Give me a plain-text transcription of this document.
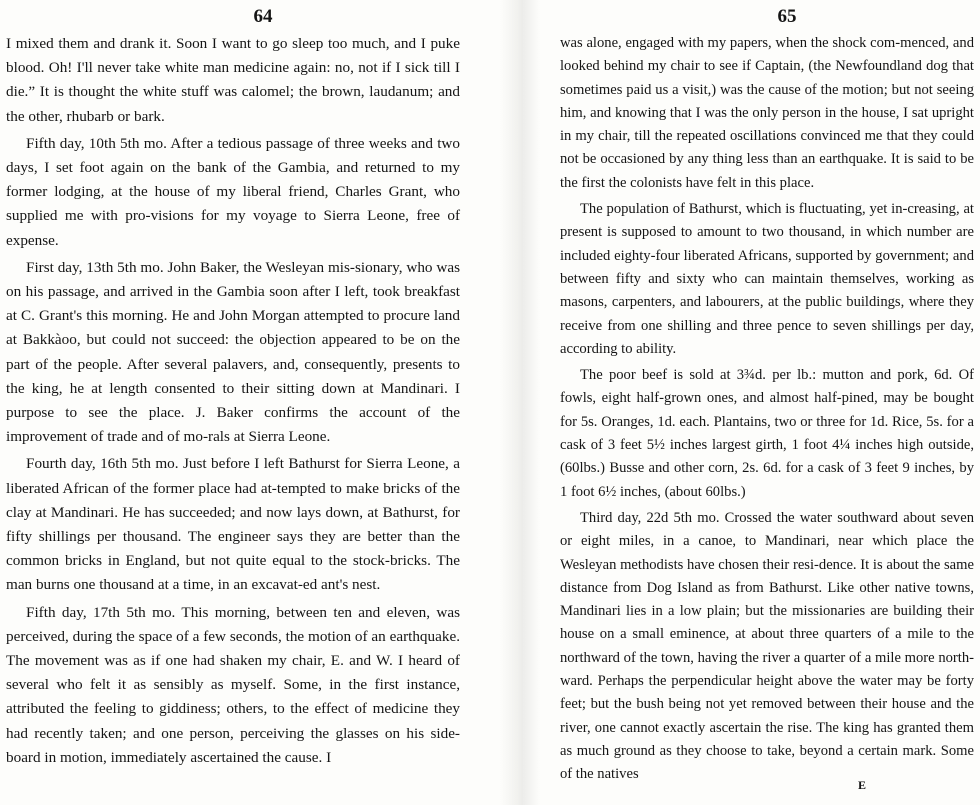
64

I mixed them and drank it. Soon I want to go sleep too much, and I puke blood. Oh! I'll never take white man medicine again: no, not if I sick till I die.” It is thought the white stuff was calomel; the brown, laudanum; and the other, rhubarb or bark.

Fifth day, 10th 5th mo. After a tedious passage of three weeks and two days, I set foot again on the bank of the Gambia, and returned to my former lodging, at the house of my liberal friend, Charles Grant, who supplied me with pro-visions for my voyage to Sierra Leone, free of expense.

First day, 13th 5th mo. John Baker, the Wesleyan mis-sionary, who was on his passage, and arrived in the Gambia soon after I left, took breakfast at C. Grant's this morning. He and John Morgan attempted to procure land at Bakkàoo, but could not succeed: the objection appeared to be on the part of the people. After several palavers, and, consequently, presents to the king, he at length consented to their sitting down at Mandinari. I purpose to see the place. J. Baker confirms the account of the improvement of trade and of mo-rals at Sierra Leone.

Fourth day, 16th 5th mo. Just before I left Bathurst for Sierra Leone, a liberated African of the former place had at-tempted to make bricks of the clay at Mandinari. He has succeeded; and now lays down, at Bathurst, for fifty shillings per thousand. The engineer says they are better than the common bricks in England, but not quite equal to the stock-bricks. The man burns one thousand at a time, in an excavat-ed ant's nest.

Fifth day, 17th 5th mo. This morning, between ten and eleven, was perceived, during the space of a few seconds, the motion of an earthquake. The movement was as if one had shaken my chair, E. and W. I heard of several who felt it as sensibly as myself. Some, in the first instance, attributed the feeling to giddiness; others, to the effect of medicine they had recently taken; and one person, perceiving the glasses on his side-board in motion, immediately ascertained the cause. I

65

was alone, engaged with my papers, when the shock com-menced, and looked behind my chair to see if Captain, (the Newfoundland dog that sometimes paid us a visit,) was the cause of the motion; but not seeing him, and knowing that I was the only person in the house, I sat upright in my chair, till the repeated oscillations convinced me that they could not be occasioned by any thing less than an earthquake. It is said to be the first the colonists have felt in this place.

The population of Bathurst, which is fluctuating, yet in-creasing, at present is supposed to amount to two thousand, in which number are included eighty-four liberated Africans, supported by government; and between fifty and sixty who can maintain themselves, working as masons, carpenters, and labourers, at the public buildings, where they receive from one shilling and three pence to seven shillings per day, according to ability.

The poor beef is sold at 3¾d. per lb.: mutton and pork, 6d. Of fowls, eight half-grown ones, and almost half-pined, may be bought for 5s. Oranges, 1d. each. Plantains, two or three for 1d. Rice, 5s. for a cask of 3 feet 5½ inches largest girth, 1 foot 4¼ inches high outside, (60lbs.) Busse and other corn, 2s. 6d. for a cask of 3 feet 9 inches, by 1 foot 6½ inches, (about 60lbs.)

Third day, 22d 5th mo. Crossed the water southward about seven or eight miles, in a canoe, to Mandinari, near which place the Wesleyan methodists have chosen their resi-dence. It is about the same distance from Dog Island as from Bathurst. Like other native towns, Mandinari lies in a low plain; but the missionaries are building their house on a small eminence, at about three quarters of a mile to the northward of the town, having the river a quarter of a mile more north-ward. Perhaps the perpendicular height above the water may be forty feet; but the bush being not yet removed between their house and the river, one cannot exactly ascertain the rise. The king has granted them as much ground as they choose to take, beyond a certain mark. Some of the natives

E
